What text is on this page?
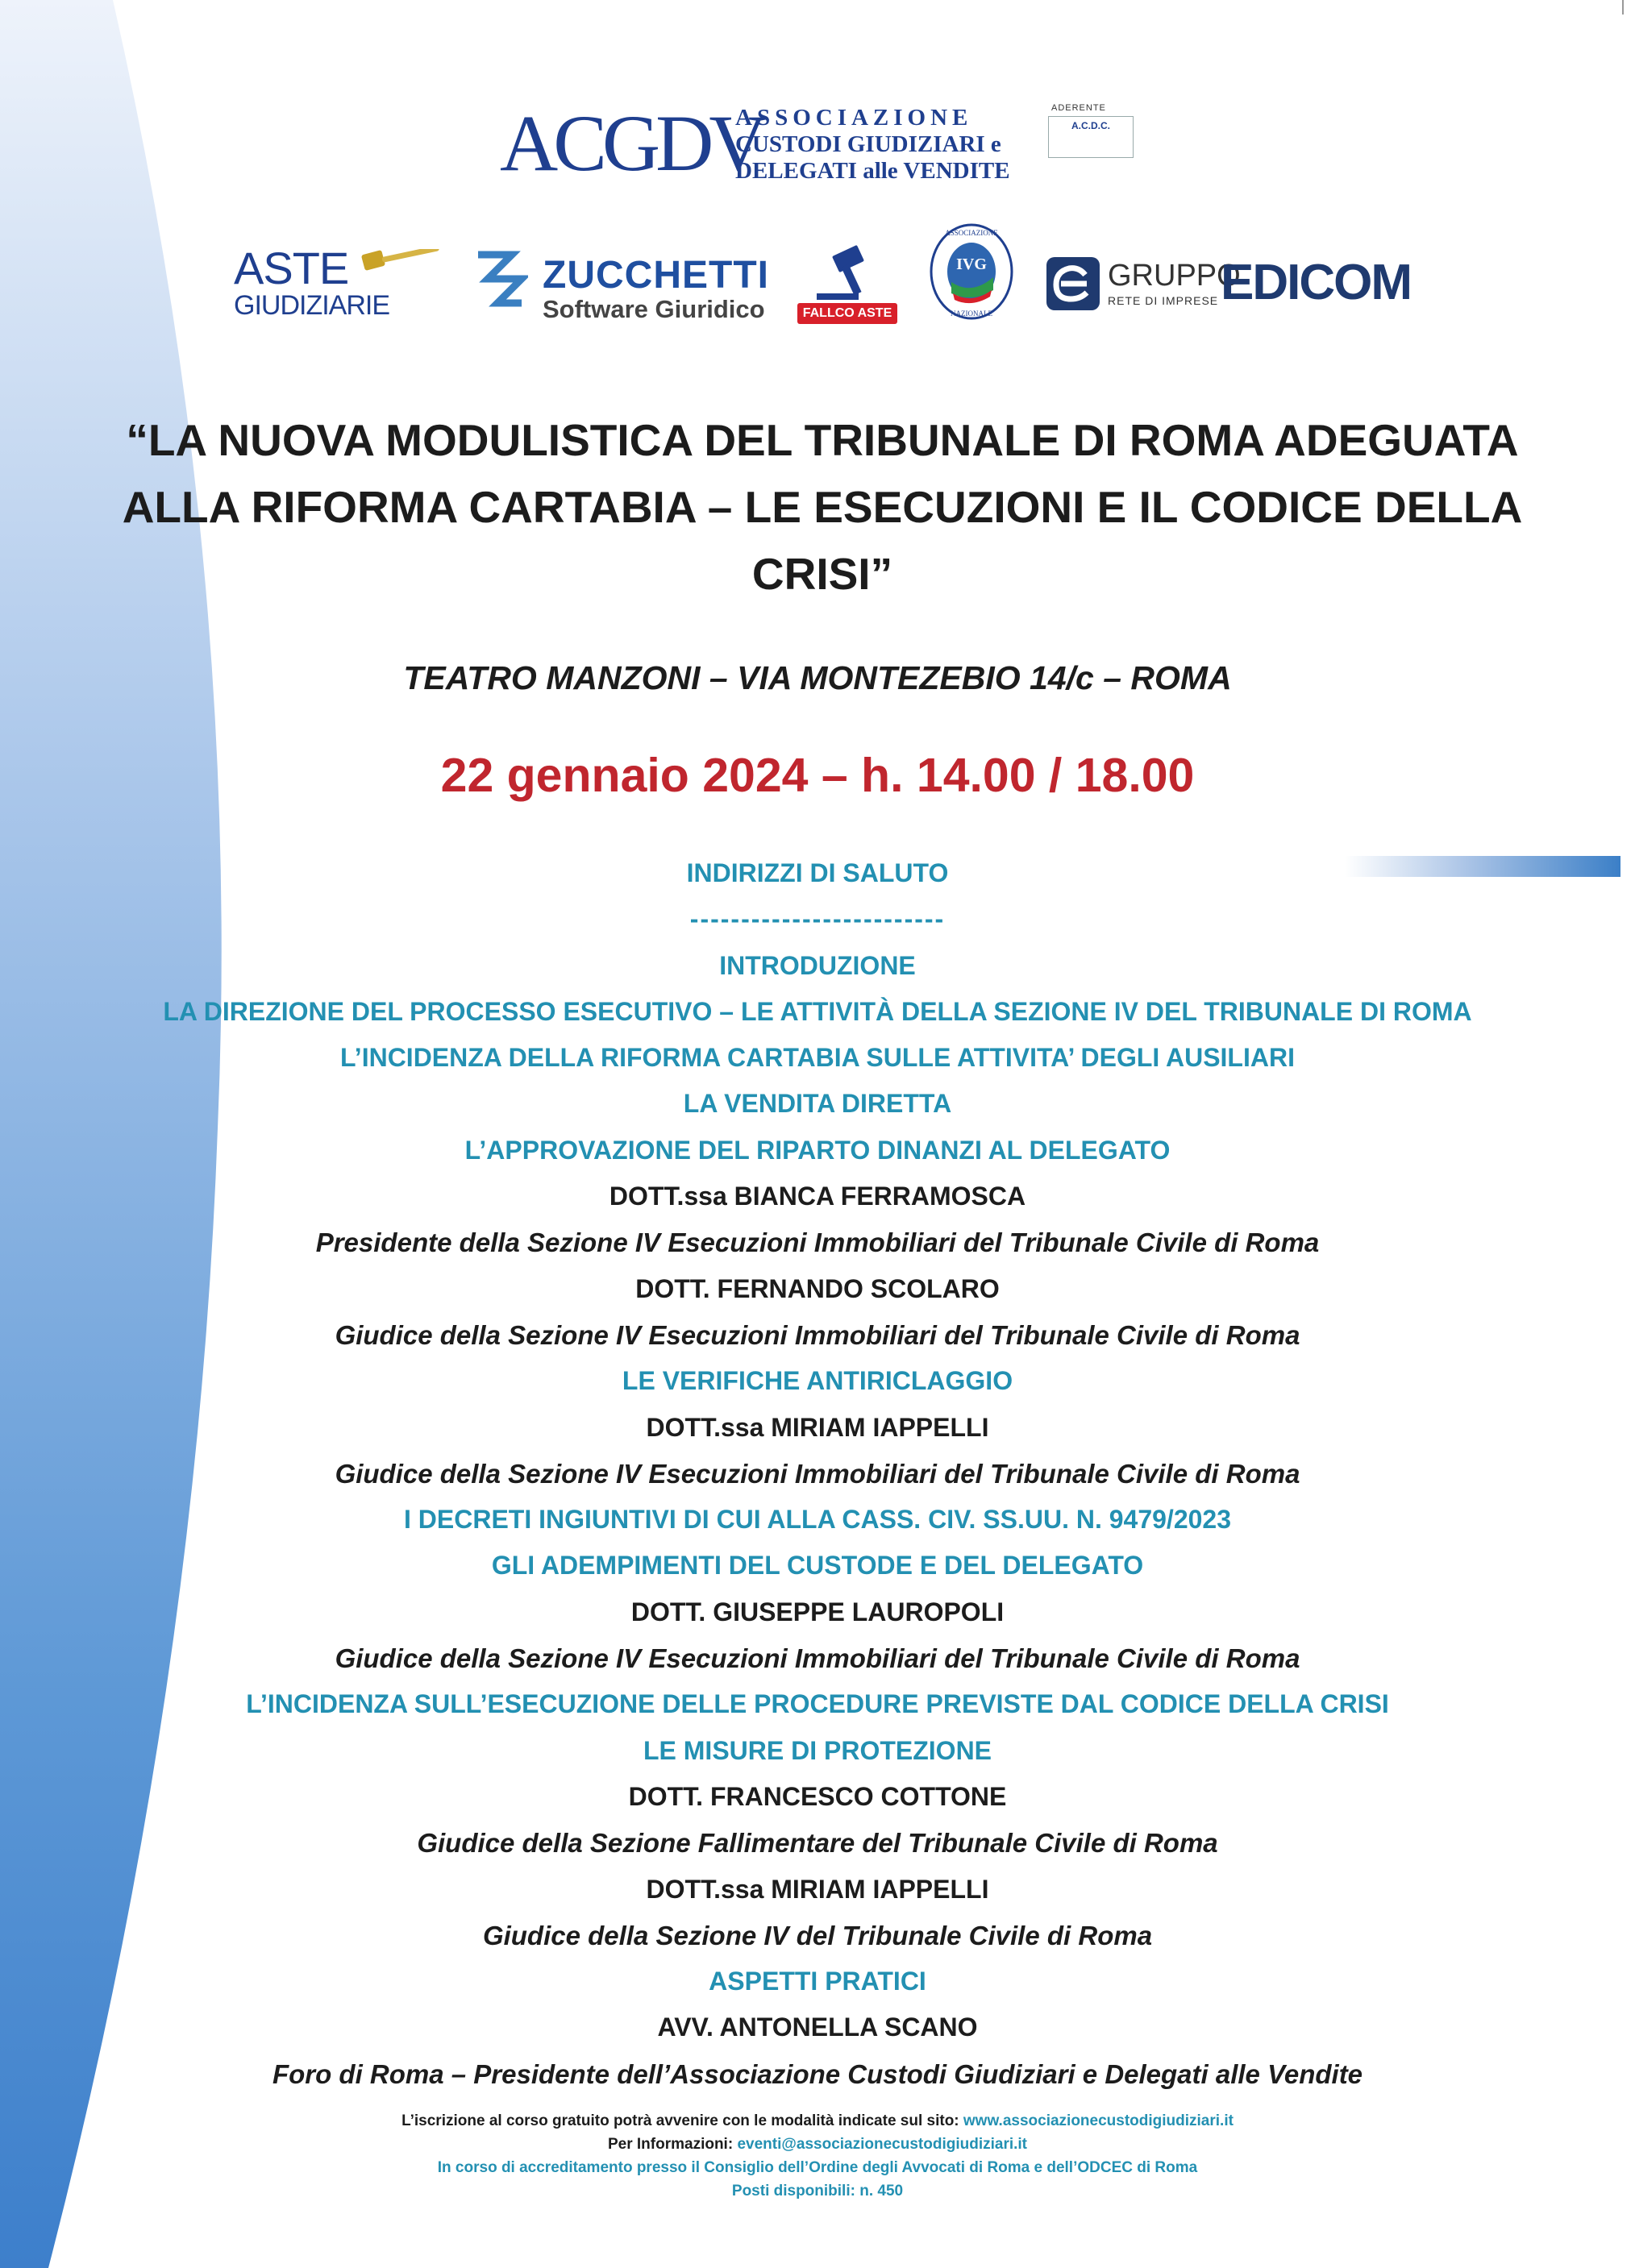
ACGDV
ASSOCIAZIONE
CUSTODI GIUDIZIARI e
DELEGATI alle VENDITE
ADERENTE
A.C.D.C.
ASTE
GIUDIZIARIE
ZUCCHETTI
Software Giuridico	FALLCO ASTE
IVG
ASSOCIAZIONE
NAZIONALE
GRUPPO
RETE DI IMPRESE EDICOM
“LA NUOVA MODULISTICA DEL TRIBUNALE DI ROMA ADEGUATA
ALLA RIFORMA CARTABIA – LE ESECUZIONI E IL CODICE DELLA
CRISI”
TEATRO MANZONI – VIA MONTEZEBIO 14/c – ROMA
22 gennaio 2024 – h. 14.00 / 18.00
INDIRIZZI DI SALUTO
-------------------------
INTRODUZIONE
LA DIREZIONE DEL PROCESSO ESECUTIVO – LE ATTIVITÀ DELLA SEZIONE IV DEL TRIBUNALE DI ROMA
L’INCIDENZA DELLA RIFORMA CARTABIA SULLE ATTIVITA’ DEGLI AUSILIARI
LA VENDITA DIRETTA
L’APPROVAZIONE DEL RIPARTO DINANZI AL DELEGATO
DOTT.ssa BIANCA FERRAMOSCA
Presidente della Sezione IV Esecuzioni Immobiliari del Tribunale Civile di Roma
DOTT. FERNANDO SCOLARO
Giudice della Sezione IV Esecuzioni Immobiliari del Tribunale Civile di Roma
LE VERIFICHE ANTIRICLAGGIO
DOTT.ssa MIRIAM IAPPELLI
Giudice della Sezione IV Esecuzioni Immobiliari del Tribunale Civile di Roma
I DECRETI INGIUNTIVI DI CUI ALLA CASS. CIV. SS.UU. N. 9479/2023
GLI ADEMPIMENTI DEL CUSTODE E DEL DELEGATO
DOTT. GIUSEPPE LAUROPOLI
Giudice della Sezione IV Esecuzioni Immobiliari del Tribunale Civile di Roma
L’INCIDENZA SULL’ESECUZIONE DELLE PROCEDURE PREVISTE DAL CODICE DELLA CRISI
LE MISURE DI PROTEZIONE
DOTT. FRANCESCO COTTONE
Giudice della Sezione Fallimentare del Tribunale Civile di Roma
DOTT.ssa MIRIAM IAPPELLI
Giudice della Sezione IV del Tribunale Civile di Roma
ASPETTI PRATICI
AVV. ANTONELLA SCANO
Foro di Roma – Presidente dell’Associazione Custodi Giudiziari e Delegati alle Vendite
L’iscrizione al corso gratuito potrà avvenire con le modalità indicate sul sito: www.associazionecustodigiudiziari.it
Per Informazioni: eventi@associazionecustodigiudiziari.it
In corso di accreditamento presso il Consiglio dell’Ordine degli Avvocati di Roma e dell’ODCEC di Roma
Posti disponibili: n. 450
